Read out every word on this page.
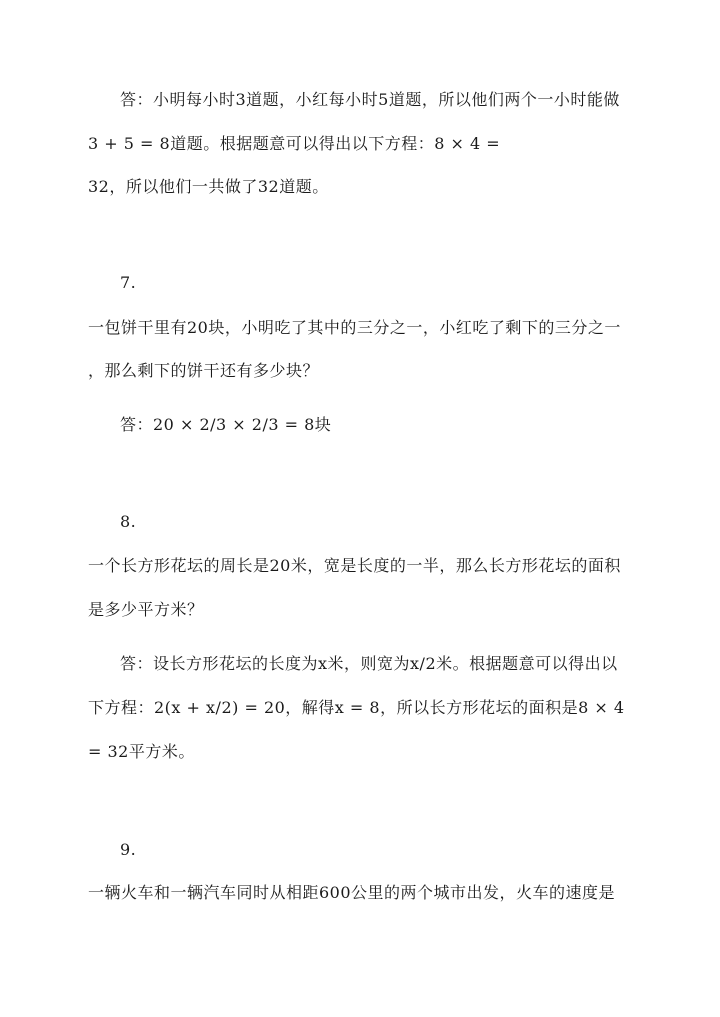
答：小明每小时3道题，小红每小时5道题，所以他们两个一小时能做
3 + 5 = 8道题。根据题意可以得出以下方程：8 × 4 =
32，所以他们一共做了32道题。
7.
一包饼干里有20块，小明吃了其中的三分之一，小红吃了剩下的三分之一
，那么剩下的饼干还有多少块？
答：20 × 2/3 × 2/3 = 8块
8.
一个长方形花坛的周长是20米，宽是长度的一半，那么长方形花坛的面积
是多少平方米？
答：设长方形花坛的长度为x米，则宽为x/2米。根据题意可以得出以
下方程：2(x + x/2) = 20，解得x = 8，所以长方形花坛的面积是8 × 4
= 32平方米。
9.
一辆火车和一辆汽车同时从相距600公里的两个城市出发，火车的速度是
